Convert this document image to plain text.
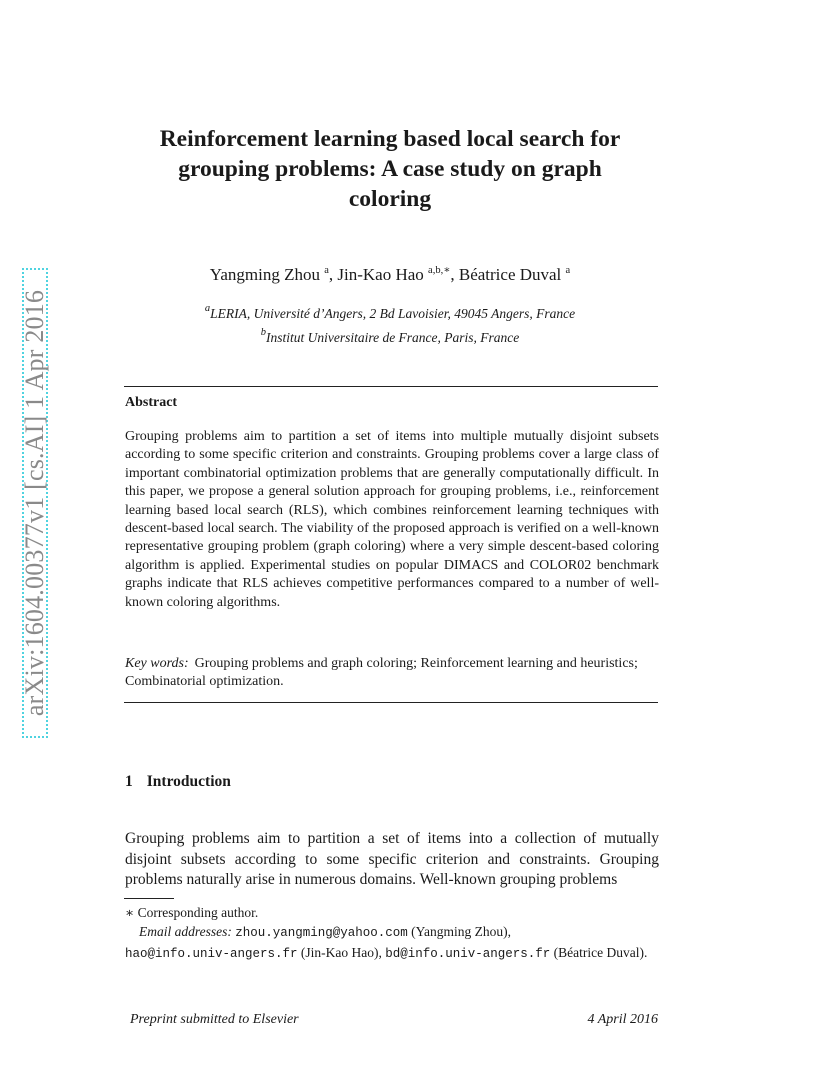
arXiv:1604.00377v1 [cs.AI] 1 Apr 2016
Reinforcement learning based local search for
grouping problems: A case study on graph
coloring
Yangming Zhou $^a$, Jin-Kao Hao $^{a,b,∗}$, Béatrice Duval $^a$
$^a$LERIA, Université d’Angers, 2 Bd Lavoisier, 49045 Angers, France
$^b$Institut Universitaire de France, Paris, France
Abstract
Grouping problems aim to partition a set of items into multiple mutually disjoint subsets according to some specific criterion and constraints. Grouping problems cover a large class of important combinatorial optimization problems that are generally computationally difficult. In this paper, we propose a general solution approach for grouping problems, i.e., reinforcement learning based local search (RLS), which combines reinforcement learning techniques with descent-based local search. The viability of the proposed approach is verified on a well-known representative grouping problem (graph coloring) where a very simple descent-based coloring algorithm is applied. Experimental studies on popular DIMACS and COLOR02 benchmark graphs indicate that RLS achieves competitive performances compared to a number of well-known coloring algorithms.
Key words: Grouping problems and graph coloring; Reinforcement learning and heuristics; Combinatorial optimization.
1 Introduction
Grouping problems aim to partition a set of items into a collection of mutually disjoint subsets according to some specific criterion and constraints. Grouping problems naturally arise in numerous domains. Well-known grouping problems
∗ Corresponding author.
Email addresses: zhou.yangming@yahoo.com (Yangming Zhou),
hao@info.univ-angers.fr (Jin-Kao Hao), bd@info.univ-angers.fr (Béatrice Duval).
Preprint submitted to Elsevier	4 April 2016
